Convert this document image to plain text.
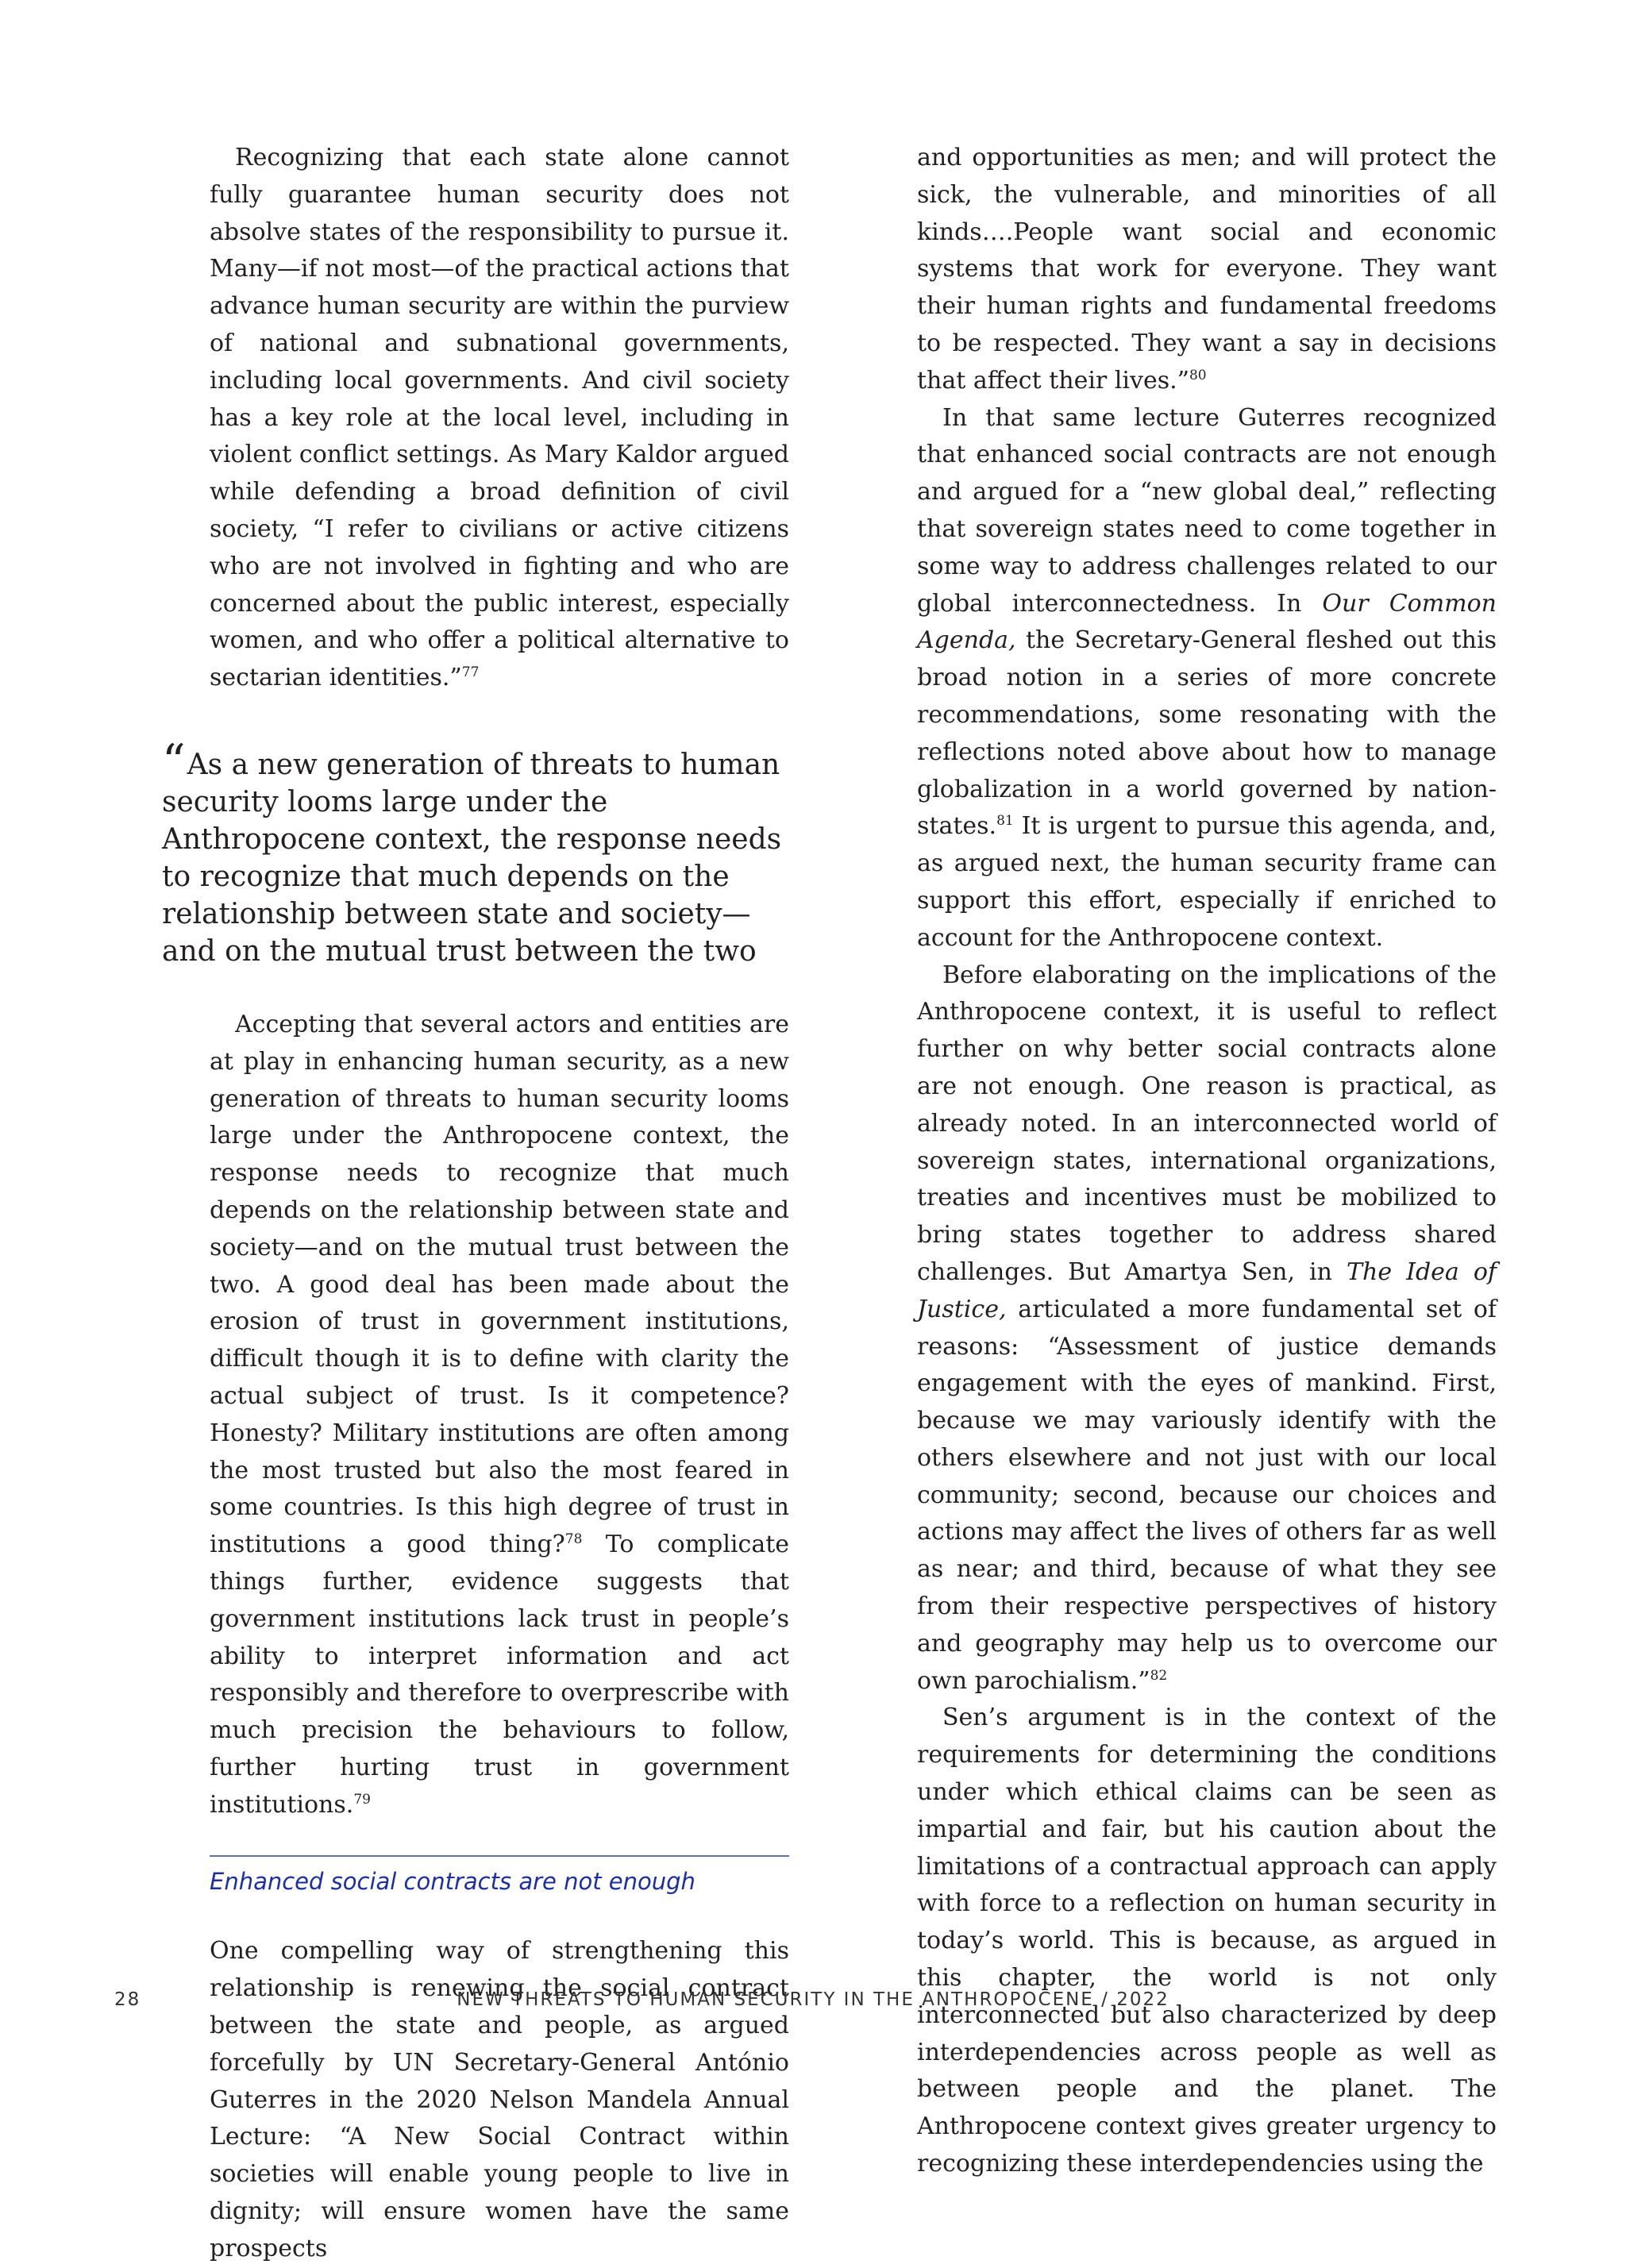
Recognizing that each state alone cannot fully guarantee human security does not absolve states of the responsibility to pursue it. Many—if not most—of the practical actions that advance human security are within the purview of national and subnational governments, including local governments. And civil society has a key role at the local level, including in violent conflict settings. As Mary Kaldor argued while defending a broad definition of civil society, “I refer to civilians or active citizens who are not involved in fighting and who are concerned about the public interest, especially women, and who offer a political alternative to sectarian identities.”$^{77}$

“As a new generation of threats to human security looms large under the Anthropocene context, the response needs to recognize that much depends on the relationship between state and society—and on the mutual trust between the two

Accepting that several actors and entities are at play in enhancing human security, as a new generation of threats to human security looms large under the Anthropocene context, the response needs to recognize that much depends on the relationship between state and society—and on the mutual trust between the two. A good deal has been made about the erosion of trust in government institutions, difficult though it is to define with clarity the actual subject of trust. Is it competence? Honesty? Military institutions are often among the most trusted but also the most feared in some countries. Is this high degree of trust in institutions a good thing?$^{78}$ To complicate things further, evidence suggests that government institutions lack trust in people’s ability to interpret information and act responsibly and therefore to overprescribe with much precision the behaviours to follow, further hurting trust in government institutions.$^{79}$

Enhanced social contracts are not enough

One compelling way of strengthening this relationship is renewing the social contract between the state and people, as argued forcefully by UN Secretary-General António Guterres in the 2020 Nelson Mandela Annual Lecture: “A New Social Contract within societies will enable young people to live in dignity; will ensure women have the same prospects

and opportunities as men; and will protect the sick, the vulnerable, and minorities of all kinds….People want social and economic systems that work for everyone. They want their human rights and fundamental freedoms to be respected. They want a say in decisions that affect their lives.”$^{80}$

In that same lecture Guterres recognized that enhanced social contracts are not enough and argued for a “new global deal,” reflecting that sovereign states need to come together in some way to address challenges related to our global interconnectedness. In Our Common Agenda, the Secretary-General fleshed out this broad notion in a series of more concrete recommendations, some resonating with the reflections noted above about how to manage globalization in a world governed by nation-states.$^{81}$ It is urgent to pursue this agenda, and, as argued next, the human security frame can support this effort, especially if enriched to account for the Anthropocene context.

Before elaborating on the implications of the Anthropocene context, it is useful to reflect further on why better social contracts alone are not enough. One reason is practical, as already noted. In an interconnected world of sovereign states, international organizations, treaties and incentives must be mobilized to bring states together to address shared challenges. But Amartya Sen, in The Idea of Justice, articulated a more fundamental set of reasons: “Assessment of justice demands engagement with the eyes of mankind. First, because we may variously identify with the others elsewhere and not just with our local community; second, because our choices and actions may affect the lives of others far as well as near; and third, because of what they see from their respective perspectives of history and geography may help us to overcome our own parochialism.”$^{82}$

Sen’s argument is in the context of the requirements for determining the conditions under which ethical claims can be seen as impartial and fair, but his caution about the limitations of a contractual approach can apply with force to a reflection on human security in today’s world. This is because, as argued in this chapter, the world is not only interconnected but also characterized by deep interdependencies across people as well as between people and the planet. The Anthropocene context gives greater urgency to recognizing these interdependencies using the

28	NEW THREATS TO HUMAN SECURITY IN THE ANTHROPOCENE / 2022
